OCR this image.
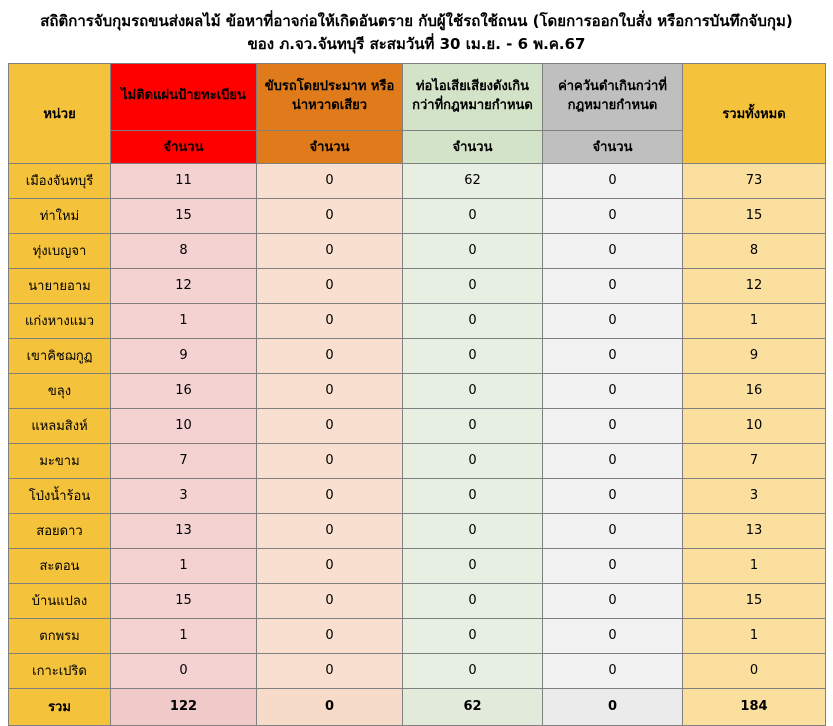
สถิติการจับกุมรถขนส่งผลไม้ ข้อหาที่อาจก่อให้เกิดอันตราย กับผู้ใช้รถใช้ถนน (โดยการออกใบสั่ง หรือการบันทึกจับกุม)
ของ ภ.จว.จันทบุรี สะสมวันที่ 30 เม.ย. - 6 พ.ค.67
หน่วย	ไม่ติดแผ่นป้ายทะเบียน	ขับรถโดยประมาท หรือ น่าหวาดเสียว	ท่อไอเสียเสียงดังเกินกว่าที่กฎหมายกำหนด	ค่าควันดำเกินกว่าที่กฎหมายกำหนด	รวมทั้งหมด
	จำนวน	จำนวน	จำนวน	จำนวน	
เมืองจันทบุรี	11	0	62	0	73
ท่าใหม่	15	0	0	0	15
ทุ่งเบญจา	8	0	0	0	8
นายายอาม	12	0	0	0	12
แก่งหางแมว	1	0	0	0	1
เขาคิชฌกูฏ	9	0	0	0	9
ขลุง	16	0	0	0	16
แหลมสิงห์	10	0	0	0	10
มะขาม	7	0	0	0	7
โป่งน้ำร้อน	3	0	0	0	3
สอยดาว	13	0	0	0	13
สะตอน	1	0	0	0	1
บ้านแปลง	15	0	0	0	15
ตกพรม	1	0	0	0	1
เกาะเปริด	0	0	0	0	0
รวม	122	0	62	0	184
